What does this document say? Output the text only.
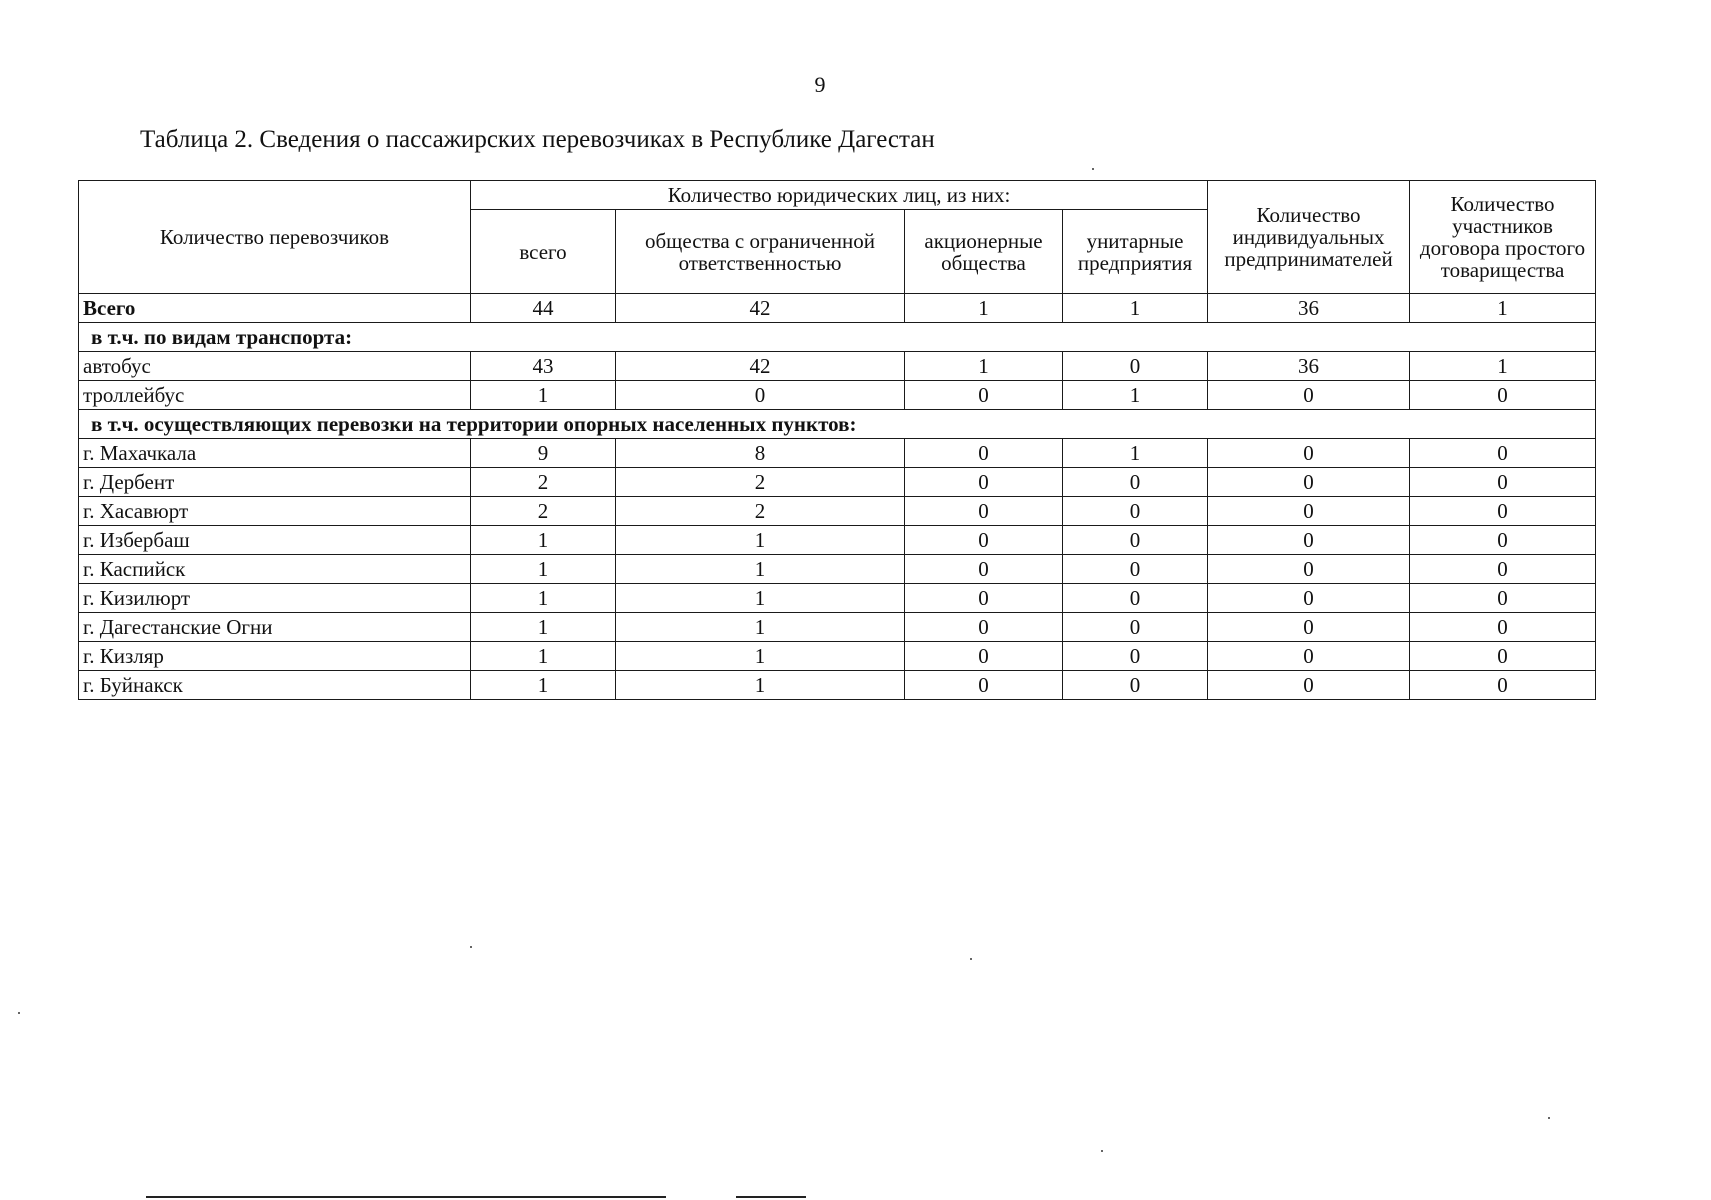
9
Таблица 2. Сведения о пассажирских перевозчиках в Республике Дагестан
Количество перевозчиков	Количество юридических лиц, из них:				Количество индивидуальных предпринимателей	Количество участников договора простого товарищества
	всего	общества с ограниченной ответственностью	акционерные общества	унитарные предприятия		
Всего	44	42	1	1	36	1
в т.ч. по видам транспорта:						
автобус	43	42	1	0	36	1
троллейбус	1	0	0	1	0	0
в т.ч. осуществляющих перевозки на территории опорных населенных пунктов:						
г. Махачкала	9	8	0	1	0	0
г. Дербент	2	2	0	0	0	0
г. Хасавюрт	2	2	0	0	0	0
г. Избербаш	1	1	0	0	0	0
г. Каспийск	1	1	0	0	0	0
г. Кизилюрт	1	1	0	0	0	0
г. Дагестанские Огни	1	1	0	0	0	0
г. Кизляр	1	1	0	0	0	0
г. Буйнакск	1	1	0	0	0	0
